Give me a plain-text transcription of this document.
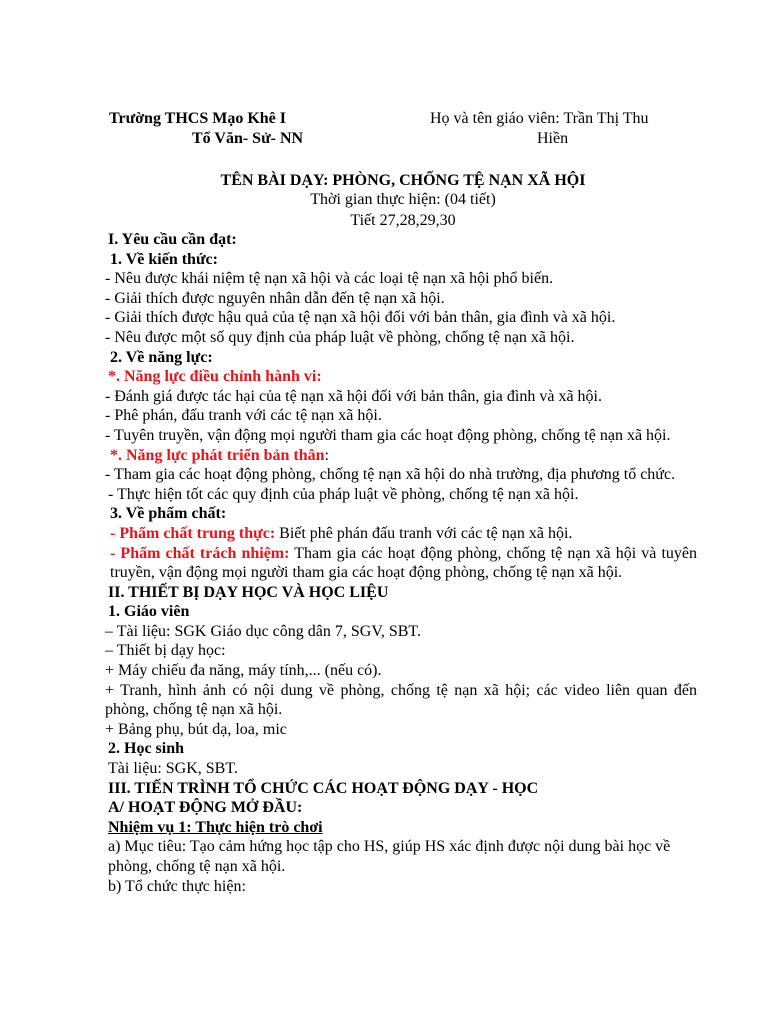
Trường THCS Mạo Khê I
Tổ Văn- Sử- NN
Họ và tên giáo viên: Trần Thị Thu
Hiền
TÊN BÀI DẠY: PHÒNG, CHỐNG TỆ NẠN XÃ HỘI
Thời gian thực hiện: (04 tiết)
Tiết 27,28,29,30

I. Yêu cầu cần đạt:

1. Về kiến thức:

- Nêu được khái niệm tệ nạn xã hội và các loại tệ nạn xã hội phổ biến.

- Giải thích được nguyên nhân dẫn đến tệ nạn xã hội.

- Giải thích được hậu quả của tệ nạn xã hội đối với bản thân, gia đình và xã hội.

- Nêu được một số quy định của pháp luật về phòng, chống tệ nạn xã hội.

2. Về năng lực:

*. Năng lực điều chỉnh hành vi:

- Đánh giá được tác hại của tệ nạn xã hội đối với bản thân, gia đình và xã hội.

- Phê phán, đấu tranh với các tệ nạn xã hội.

- Tuyên truyền, vận động mọi người tham gia các hoạt động phòng, chống tệ nạn xã hội.

*. Năng lực phát triển bản thân:

- Tham gia các hoạt động phòng, chống tệ nạn xã hội do nhà trường, địa phương tổ chức.

- Thực hiện tốt các quy định của pháp luật về phòng, chống tệ nạn xã hội.

3. Về phẩm chất:

- Phẩm chất trung thực: Biết phê phán đấu tranh với các tệ nạn xã hội.

- Phẩm chất trách nhiệm: Tham gia các hoạt động phòng, chống tệ nạn xã hội và tuyên truyền, vận động mọi người tham gia các hoạt động phòng, chống tệ nạn xã hội.

II. THIẾT BỊ DẠY HỌC VÀ HỌC LIỆU

1. Giáo viên

– Tài liệu: SGK Giáo dục công dân 7, SGV, SBT.

– Thiết bị dạy học:

+ Máy chiếu đa năng, máy tính,... (nếu có).

+ Tranh, hình ảnh có nội dung về phòng, chống tệ nạn xã hội; các video liên quan đến phòng, chống tệ nạn xã hội.

+ Bảng phụ, bút dạ, loa, mic

2. Học sinh

Tài liệu: SGK, SBT.

III. TIẾN TRÌNH TỔ CHỨC CÁC HOẠT ĐỘNG DẠY - HỌC

A/ HOẠT ĐỘNG MỞ ĐẦU:

Nhiệm vụ 1: Thực hiện trò chơi

a) Mục tiêu: Tạo cảm hứng học tập cho HS, giúp HS xác định được nội dung bài học về phòng, chống tệ nạn xã hội.

b) Tổ chức thực hiện:
